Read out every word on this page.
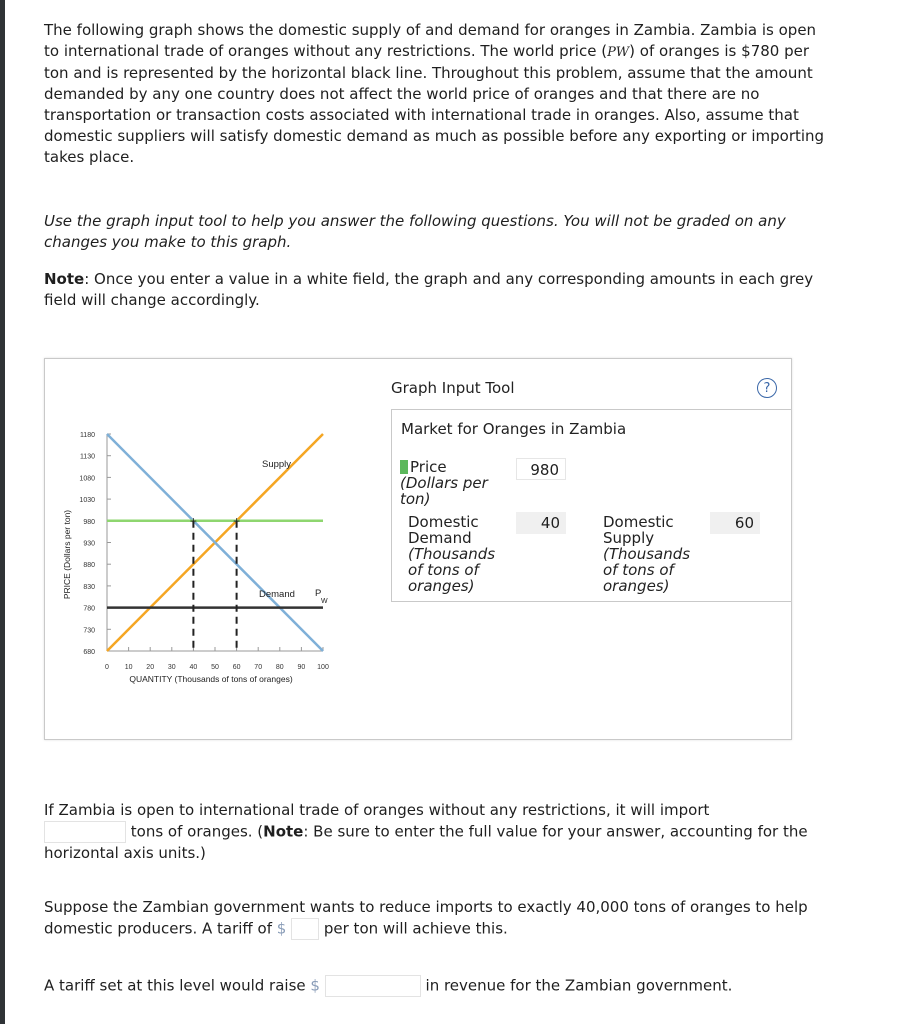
The following graph shows the domestic supply of and demand for oranges in Zambia. Zambia is open to international trade of oranges without any restrictions. The world price (PW) of oranges is $780 per ton and is represented by the horizontal black line. Throughout this problem, assume that the amount demanded by any one country does not affect the world price of oranges and that there are no transportation or transaction costs associated with international trade in oranges. Also, assume that domestic suppliers will satisfy domestic demand as much as possible before any exporting or importing takes place.

Use the graph input tool to help you answer the following questions. You will not be graded on any changes you make to this graph.

Note: Once you enter a value in a white field, the graph and any corresponding amounts in each grey field will change accordingly.

680
730
780
830
880
930
980
1030
1080
1130
1180
0 10 20 30 40 50 60 70 80 90 100
QUANTITY (Thousands of tons of oranges)
PRICE (Dollars per ton)	+	+
Supply
Demand P
W
Graph Input Tool	?
Market for Oranges in Zambia
Price
(Dollars per ton)
980
Domestic Demand
(Thousands of tons of oranges)
40	Domestic Supply
(Thousands of tons of oranges)
60

If Zambia is open to international trade of oranges without any restrictions, it will import
tons of oranges. (Note: Be sure to enter the full value for your answer, accounting for the horizontal axis units.)

Suppose the Zambian government wants to reduce imports to exactly 40,000 tons of oranges to help domestic producers. A tariff of $	per ton will achieve this.

A tariff set at this level would raise $	in revenue for the Zambian government.
